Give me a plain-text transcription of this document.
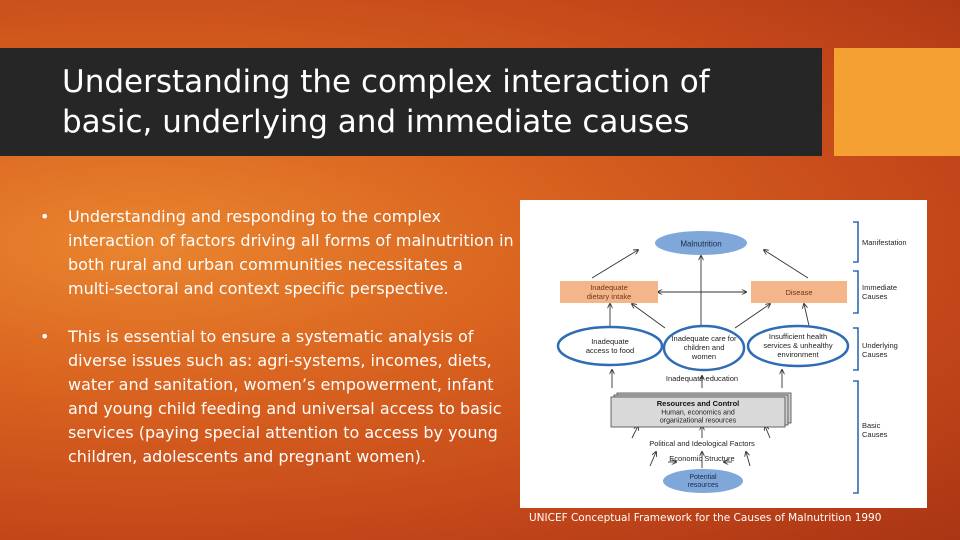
Understanding the complex interaction of
basic, underlying and immediate causes
• Understanding and responding to the complex interaction of factors driving all forms of malnutrition in both rural and urban communities necessitates a multi-sectoral and context specific perspective.
• This is essential to ensure a systematic analysis of diverse issues such as: agri-systems, incomes, diets, water and sanitation, women’s empowerment, infant and young child feeding and universal access to basic services (paying special attention to access by young children, adolescents and pregnant women).
Malnutrition
Inadequate
dietary intake	Disease
Inadequate
access to food
Inadequate care for
children and
women
Insufficient health
services & unhealthy
environment
Inadequate education
Resources and Control
Human, economics and
organizational resources
Political and Ideological Factors
Economic Structure
Potential
resources
Manifestation
Immediate
Causes
Underlying
Causes
Basic
Causes
UNICEF Conceptual Framework for the Causes of Malnutrition 1990
